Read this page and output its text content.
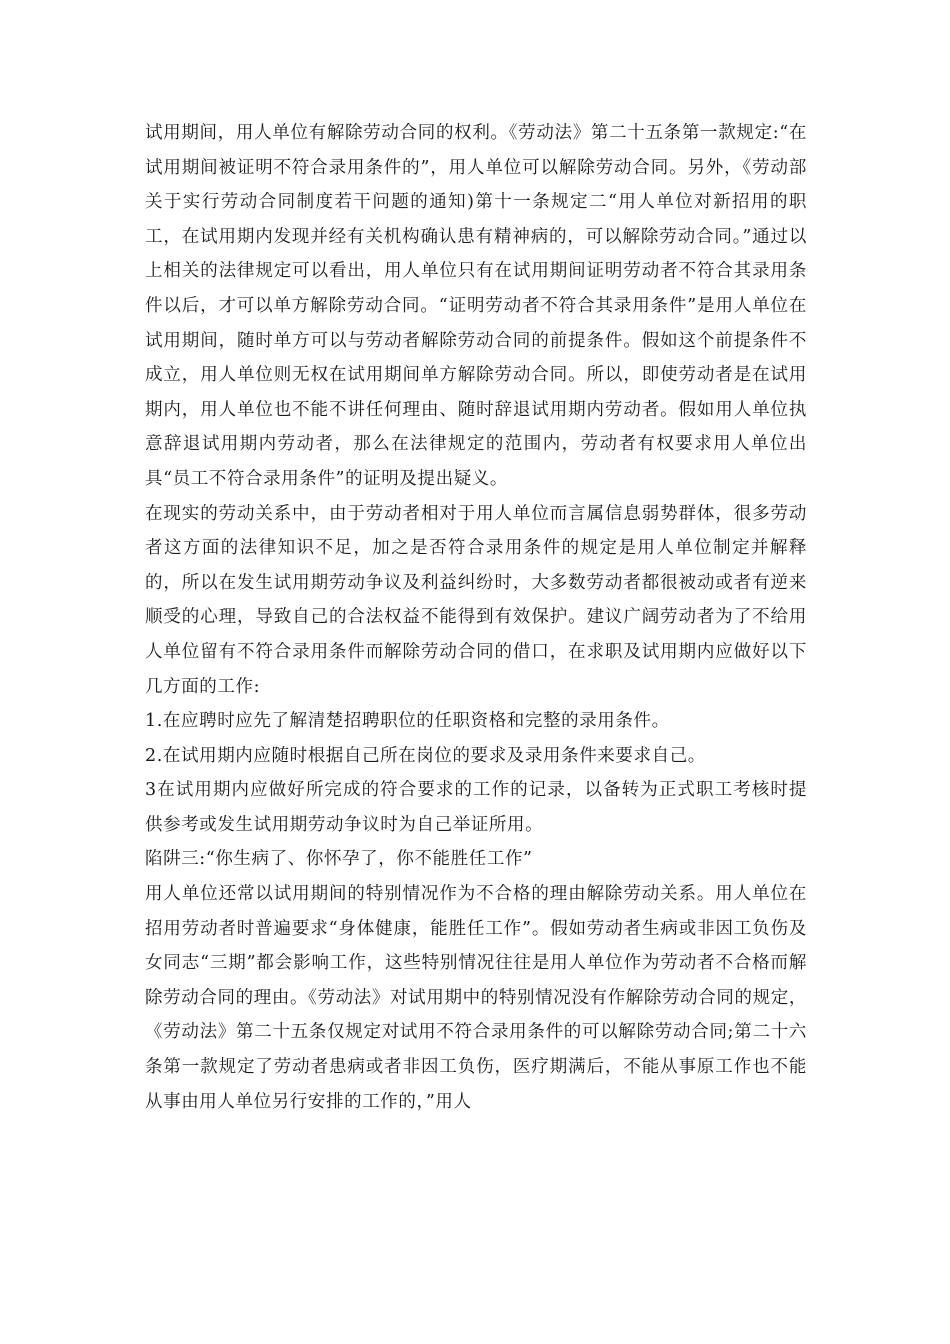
试用期间，用人单位有解除劳动合同的权利。《劳动法》第二十五条第一款规定:“在试用期间被证明不符合录用条件的”，用人单位可以解除劳动合同。另外，《劳动部关于实行劳动合同制度若干问题的通知)第十一条规定二“用人单位对新招用的职工，在试用期内发现并经有关机构确认患有精神病的，可以解除劳动合同。”通过以上相关的法律规定可以看出，用人单位只有在试用期间证明劳动者不符合其录用条件以后，才可以单方解除劳动合同。“证明劳动者不符合其录用条件”是用人单位在试用期间，随时单方可以与劳动者解除劳动合同的前提条件。假如这个前提条件不成立，用人单位则无权在试用期间单方解除劳动合同。所以，即使劳动者是在试用期内，用人单位也不能不讲任何理由、随时辞退试用期内劳动者。假如用人单位执意辞退试用期内劳动者，那么在法律规定的范围内，劳动者有权要求用人单位出具“员工不符合录用条件”的证明及提出疑义。

在现实的劳动关系中，由于劳动者相对于用人单位而言属信息弱势群体，很多劳动者这方面的法律知识不足，加之是否符合录用条件的规定是用人单位制定并解释的，所以在发生试用期劳动争议及利益纠纷时，大多数劳动者都很被动或者有逆来顺受的心理，导致自己的合法权益不能得到有效保护。建议广阔劳动者为了不给用人单位留有不符合录用条件而解除劳动合同的借口，在求职及试用期内应做好以下几方面的工作:

1.在应聘时应先了解清楚招聘职位的任职资格和完整的录用条件。

2.在试用期内应随时根据自己所在岗位的要求及录用条件来要求自己。

3在试用期内应做好所完成的符合要求的工作的记录，以备转为正式职工考核时提供参考或发生试用期劳动争议时为自己举证所用。

陷阱三:“你生病了、你怀孕了，你不能胜任工作”

用人单位还常以试用期间的特别情况作为不合格的理由解除劳动关系。用人单位在招用劳动者时普遍要求“身体健康，能胜任工作”。假如劳动者生病或非因工负伤及女同志“三期”都会影响工作，这些特别情况往往是用人单位作为劳动者不合格而解除劳动合同的理由。《劳动法》对试用期中的特别情况没有作解除劳动合同的规定，《劳动法》第二十五条仅规定对试用不符合录用条件的可以解除劳动合同;第二十六条第一款规定了劳动者患病或者非因工负伤，医疗期满后，不能从事原工作也不能从事由用人单位另行安排的工作的，”用人
